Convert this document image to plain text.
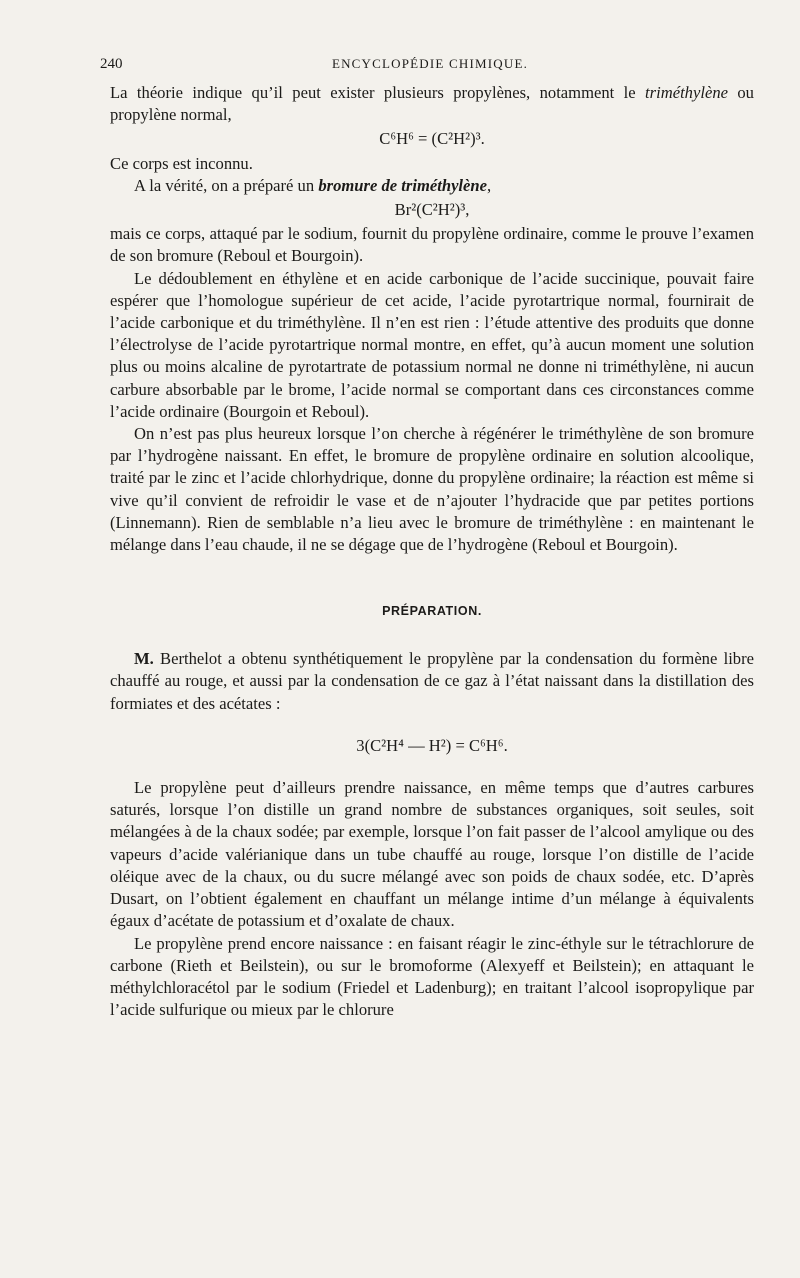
240	ENCYCLOPÉDIE CHIMIQUE.

La théorie indique qu’il peut exister plusieurs propylènes, notamment le triméthylène ou propylène normal,

C⁶H⁶ = (C²H²)³.

Ce corps est inconnu.

A la vérité, on a préparé un bromure de triméthylène,

Br²(C²H²)³,

mais ce corps, attaqué par le sodium, fournit du propylène ordinaire, comme le prouve l’examen de son bromure (Reboul et Bourgoin).

Le dédoublement en éthylène et en acide carbonique de l’acide succinique, pouvait faire espérer que l’homologue supérieur de cet acide, l’acide pyrotartrique normal, fournirait de l’acide carbonique et du triméthylène. Il n’en est rien : l’étude attentive des produits que donne l’électrolyse de l’acide pyrotartrique normal montre, en effet, qu’à aucun moment une solution plus ou moins alcaline de pyrotartrate de potassium normal ne donne ni triméthylène, ni aucun carbure absorbable par le brome, l’acide normal se comportant dans ces circonstances comme l’acide ordinaire (Bourgoin et Reboul).

On n’est pas plus heureux lorsque l’on cherche à régénérer le triméthylène de son bromure par l’hydrogène naissant. En effet, le bromure de propylène ordinaire en solution alcoolique, traité par le zinc et l’acide chlorhydrique, donne du propylène ordinaire; la réaction est même si vive qu’il convient de refroidir le vase et de n’ajouter l’hydracide que par petites portions (Linnemann). Rien de semblable n’a lieu avec le bromure de triméthylène : en maintenant le mélange dans l’eau chaude, il ne se dégage que de l’hydrogène (Reboul et Bourgoin).

PRÉPARATION.

M. Berthelot a obtenu synthétiquement le propylène par la condensation du formène libre chauffé au rouge, et aussi par la condensation de ce gaz à l’état naissant dans la distillation des formiates et des acétates :

3(C²H⁴ — H²) = C⁶H⁶.

Le propylène peut d’ailleurs prendre naissance, en même temps que d’autres carbures saturés, lorsque l’on distille un grand nombre de substances organiques, soit seules, soit mélangées à de la chaux sodée; par exemple, lorsque l’on fait passer de l’alcool amylique ou des vapeurs d’acide valérianique dans un tube chauffé au rouge, lorsque l’on distille de l’acide oléique avec de la chaux, ou du sucre mélangé avec son poids de chaux sodée, etc. D’après Dusart, on l’obtient également en chauffant un mélange intime d’un mélange à équivalents égaux d’acétate de potassium et d’oxalate de chaux.

Le propylène prend encore naissance : en faisant réagir le zinc-éthyle sur le tétrachlorure de carbone (Rieth et Beilstein), ou sur le bromoforme (Alexyeff et Beilstein); en attaquant le méthylchloracétol par le sodium (Friedel et Ladenburg); en traitant l’alcool isopropylique par l’acide sulfurique ou mieux par le chlorure
